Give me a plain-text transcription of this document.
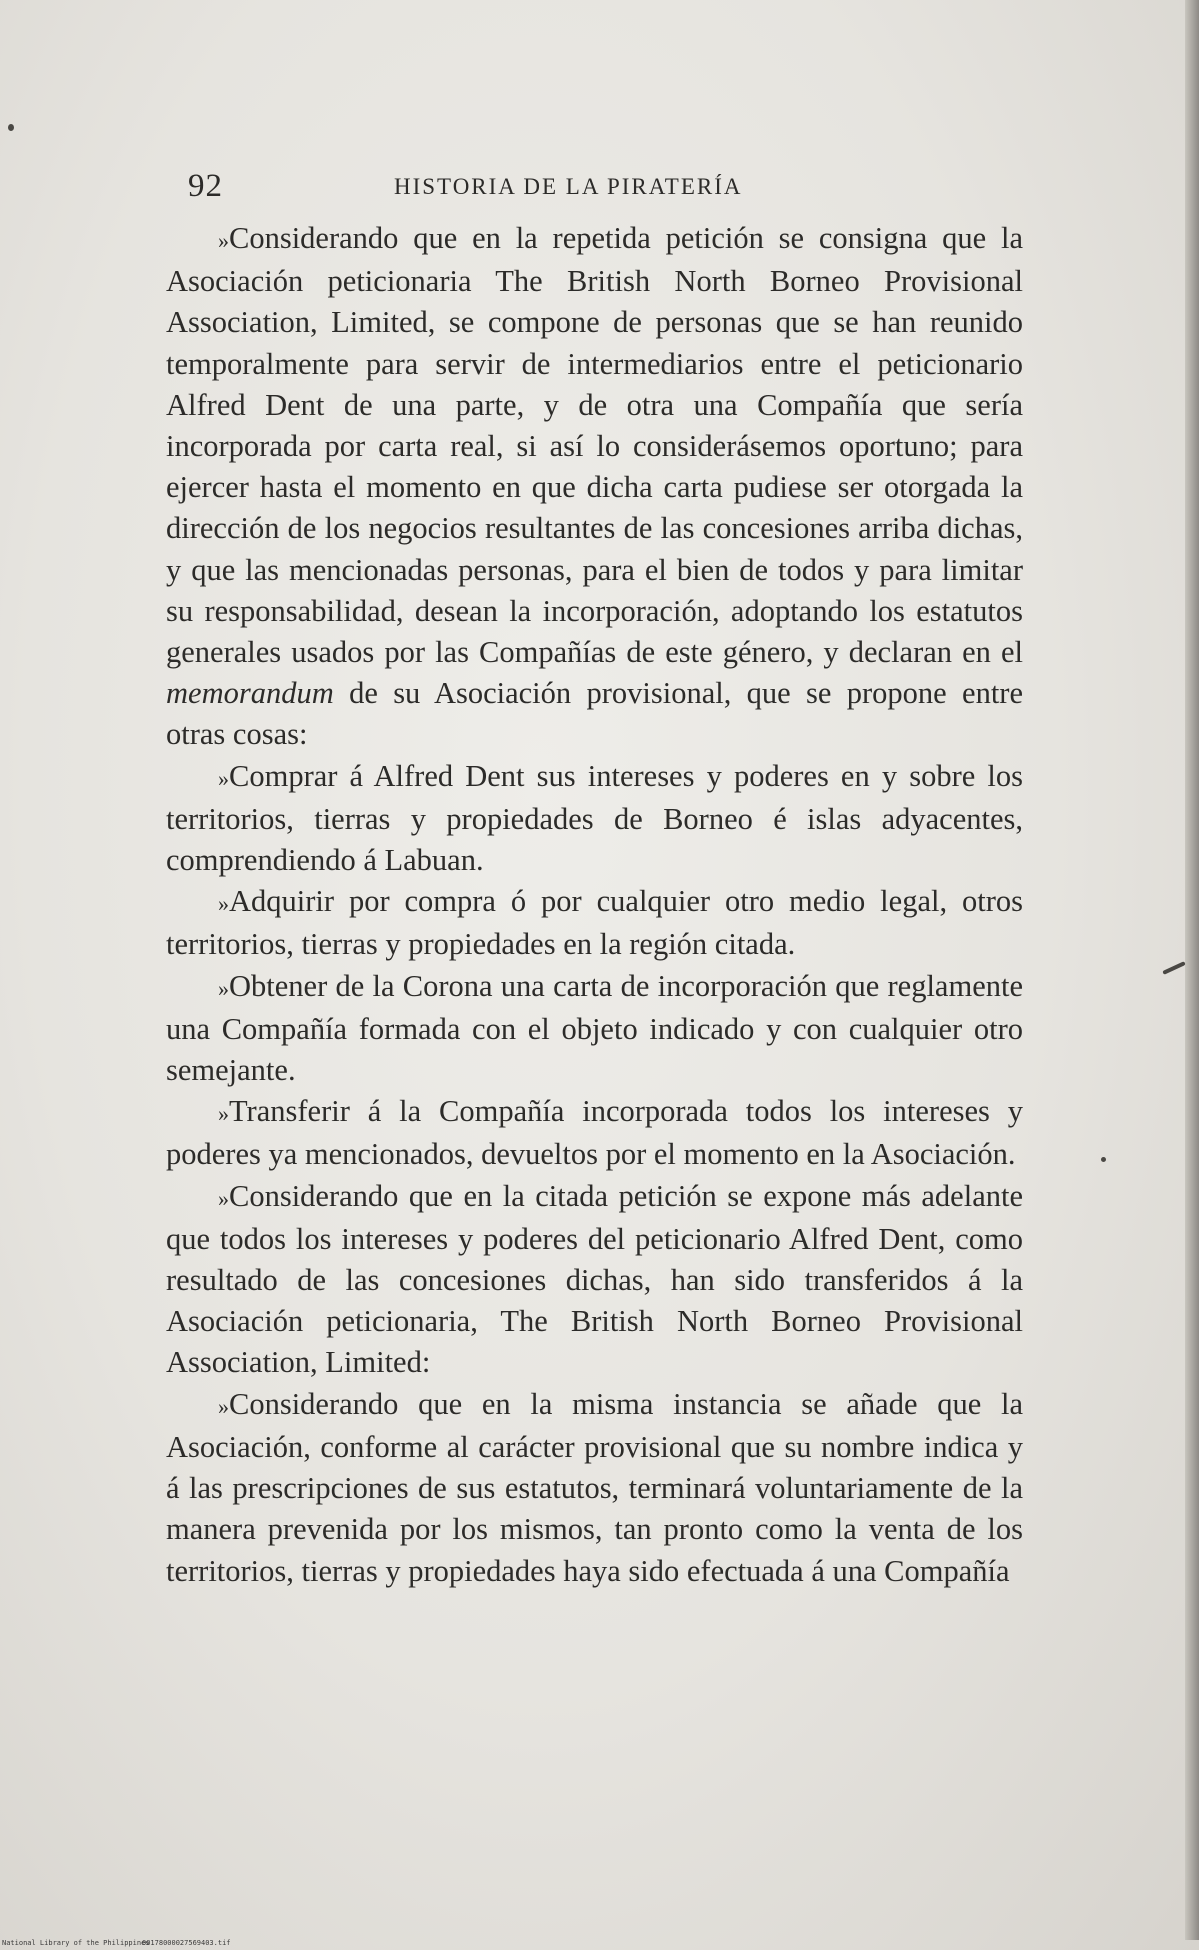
92	HISTORIA DE LA PIRATERÍA

»Considerando que en la repetida petición se consigna que la Asociación peticionaria The British North Borneo Provisional Association, Limited, se compone de personas que se han reunido temporalmente para servir de intermediarios entre el peticionario Alfred Dent de una parte, y de otra una Compañía que sería incorporada por carta real, si así lo considerásemos oportuno; para ejercer hasta el momento en que dicha carta pudiese ser otorgada la dirección de los negocios resultantes de las concesiones arriba dichas, y que las mencionadas personas, para el bien de todos y para limitar su responsabilidad, desean la incorporación, adoptando los estatutos generales usados por las Compañías de este género, y declaran en el memorandum de su Asociación provisional, que se propone entre otras cosas:

»Comprar á Alfred Dent sus intereses y poderes en y sobre los territorios, tierras y propiedades de Borneo é islas adyacentes, comprendiendo á Labuan.

»Adquirir por compra ó por cualquier otro medio legal, otros territorios, tierras y propiedades en la región citada.

»Obtener de la Corona una carta de incorporación que reglamente una Compañía formada con el objeto indicado y con cualquier otro semejante.

»Transferir á la Compañía incorporada todos los intereses y poderes ya mencionados, devueltos por el momento en la Asociación.

»Considerando que en la citada petición se expone más adelante que todos los intereses y poderes del peticionario Alfred Dent, como resultado de las concesiones dichas, han sido transferidos á la Asociación peticionaria, The British North Borneo Provisional Association, Limited:

»Considerando que en la misma instancia se añade que la Asociación, conforme al carácter provisional que su nombre indica y á las prescripciones de sus estatutos, terminará voluntariamente de la manera prevenida por los mismos, tan pronto como la venta de los territorios, tierras y propiedades haya sido efectuada á una Compañía

National Library of the Philippines
00178000027569403.tif
